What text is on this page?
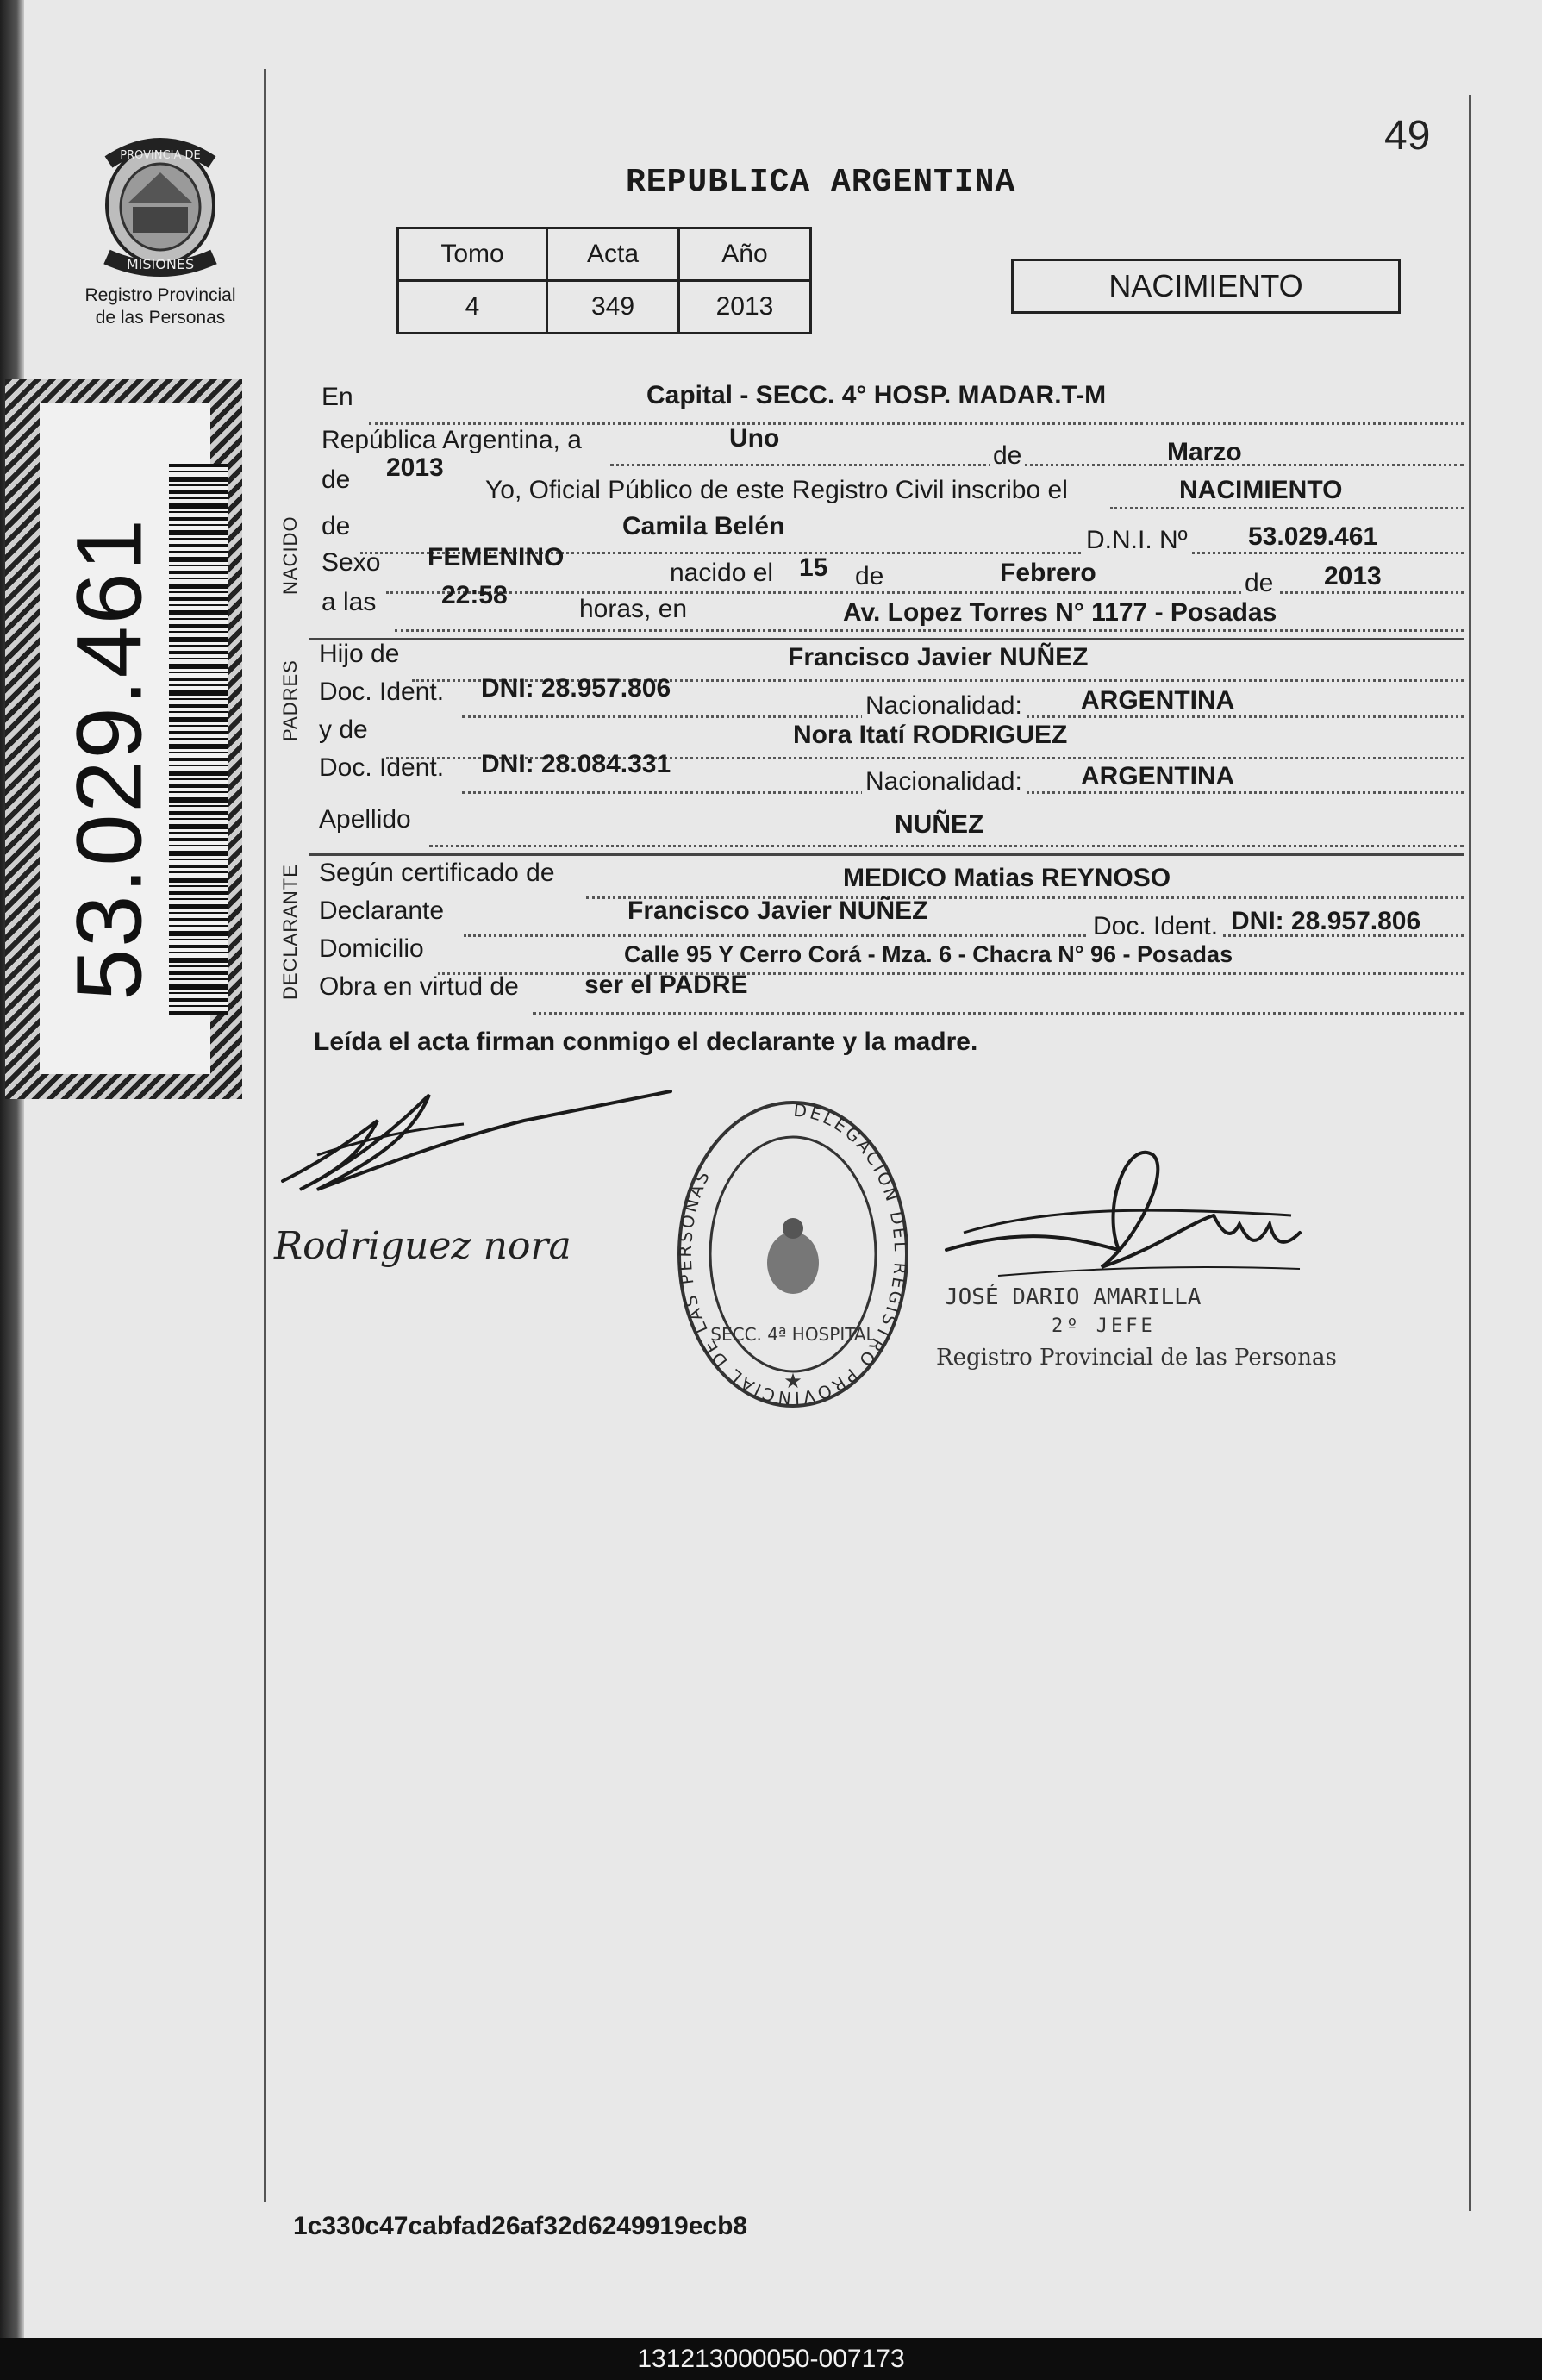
PROVINCIA DE
MISIONES
Registro Provincial
de las Personas
53.029.461
49
REPUBLICA ARGENTINA
Tomo	Acta	Año
4	349	2013
NACIMIENTO
NACIDO
PADRES
DECLARANTE
En	Capital - SECC. 4° HOSP. MADAR.T-M
República Argentina, a	Uno
de	Marzo
de 2013
Yo, Oficial Público de este Registro Civil inscribo el	NACIMIENTO
de	Camila Belén	D.N.I. Nº 53.029.461
Sexo FEMENINO
nacido el 15 de	Febrero	de 2013
a las	22:58	horas, en	Av. Lopez Torres N° 1177 - Posadas
Hijo de	Francisco Javier NUÑEZ
Doc. Ident. DNI: 28.957.806
Nacionalidad: ARGENTINA
y de	Nora Itatí RODRIGUEZ
Doc. Ident. DNI: 28.084.331
Nacionalidad: ARGENTINA
Apellido	NUÑEZ
Según certificado de	MEDICO Matias REYNOSO
Declarante	Francisco Javier NUÑEZ
Doc. Ident. DNI: 28.957.806
Domicilio	Calle 95 Y Cerro Corá - Mza. 6 - Chacra N° 96 - Posadas
Obra en virtud de	ser el PADRE
Leída el acta firman conmigo el declarante y la madre.
Rodriguez nora
DELEGACION DEL REGISTRO PROVINCIAL DE LAS PERSONAS
SECC. 4ª HOSPITAL
★
JOSÉ DARIO AMARILLA
2º JEFE
Registro Provincial de las Personas
1c330c47cabfad26af32d6249919ecb8
131213000050-007173
